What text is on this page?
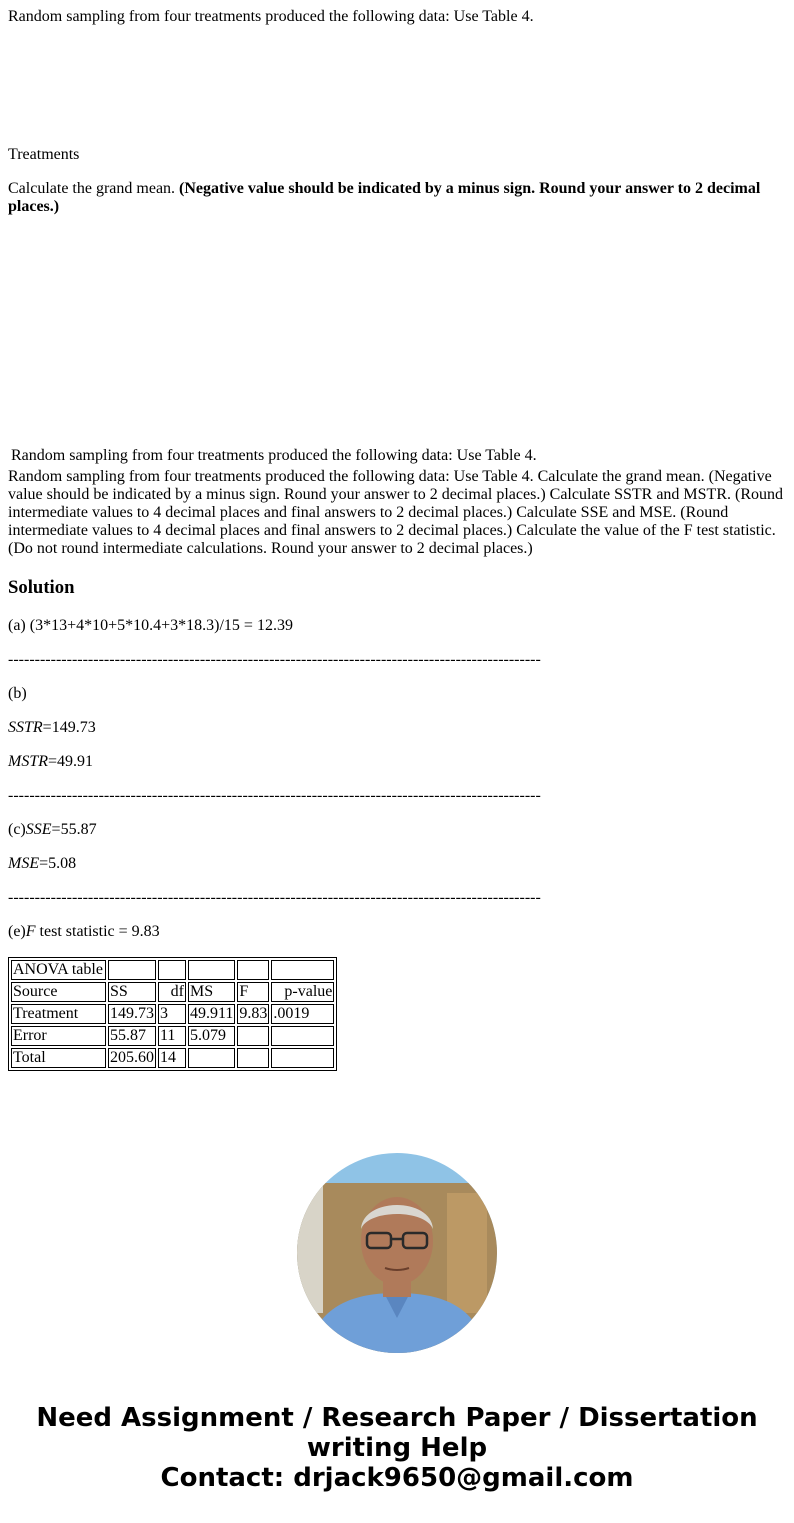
Random sampling from four treatments produced the following data: Use Table 4.

Treatments

Calculate the grand mean. (Negative value should be indicated by a minus sign. Round your answer to 2 decimal places.)

Random sampling from four treatments produced the following data: Use Table 4.

Random sampling from four treatments produced the following data: Use Table 4. Calculate the grand mean. (Negative value should be indicated by a minus sign. Round your answer to 2 decimal places.) Calculate SSTR and MSTR. (Round intermediate values to 4 decimal places and final answers to 2 decimal places.) Calculate SSE and MSE. (Round intermediate values to 4 decimal places and final answers to 2 decimal places.) Calculate the value of the F test statistic. (Do not round intermediate calculations. Round your answer to 2 decimal places.)

Solution

(a) (3*13+4*10+5*10.4+3*18.3)/15 = 12.39

----------------------------------------------------------------------------------------------------

(b)

SSTR=149.73

MSTR=49.91

----------------------------------------------------------------------------------------------------

(c)SSE=55.87

MSE=5.08

----------------------------------------------------------------------------------------------------

(e)F test statistic = 9.83

ANOVA table					
Source	SS	df	MS	F	p-value
Treatment	149.73	3	49.911	9.83	.0019
Error	55.87	11	5.079		
Total	205.60	14			
Need Assignment / Research Paper / Dissertation
writing Help
Contact: drjack9650@gmail.com
